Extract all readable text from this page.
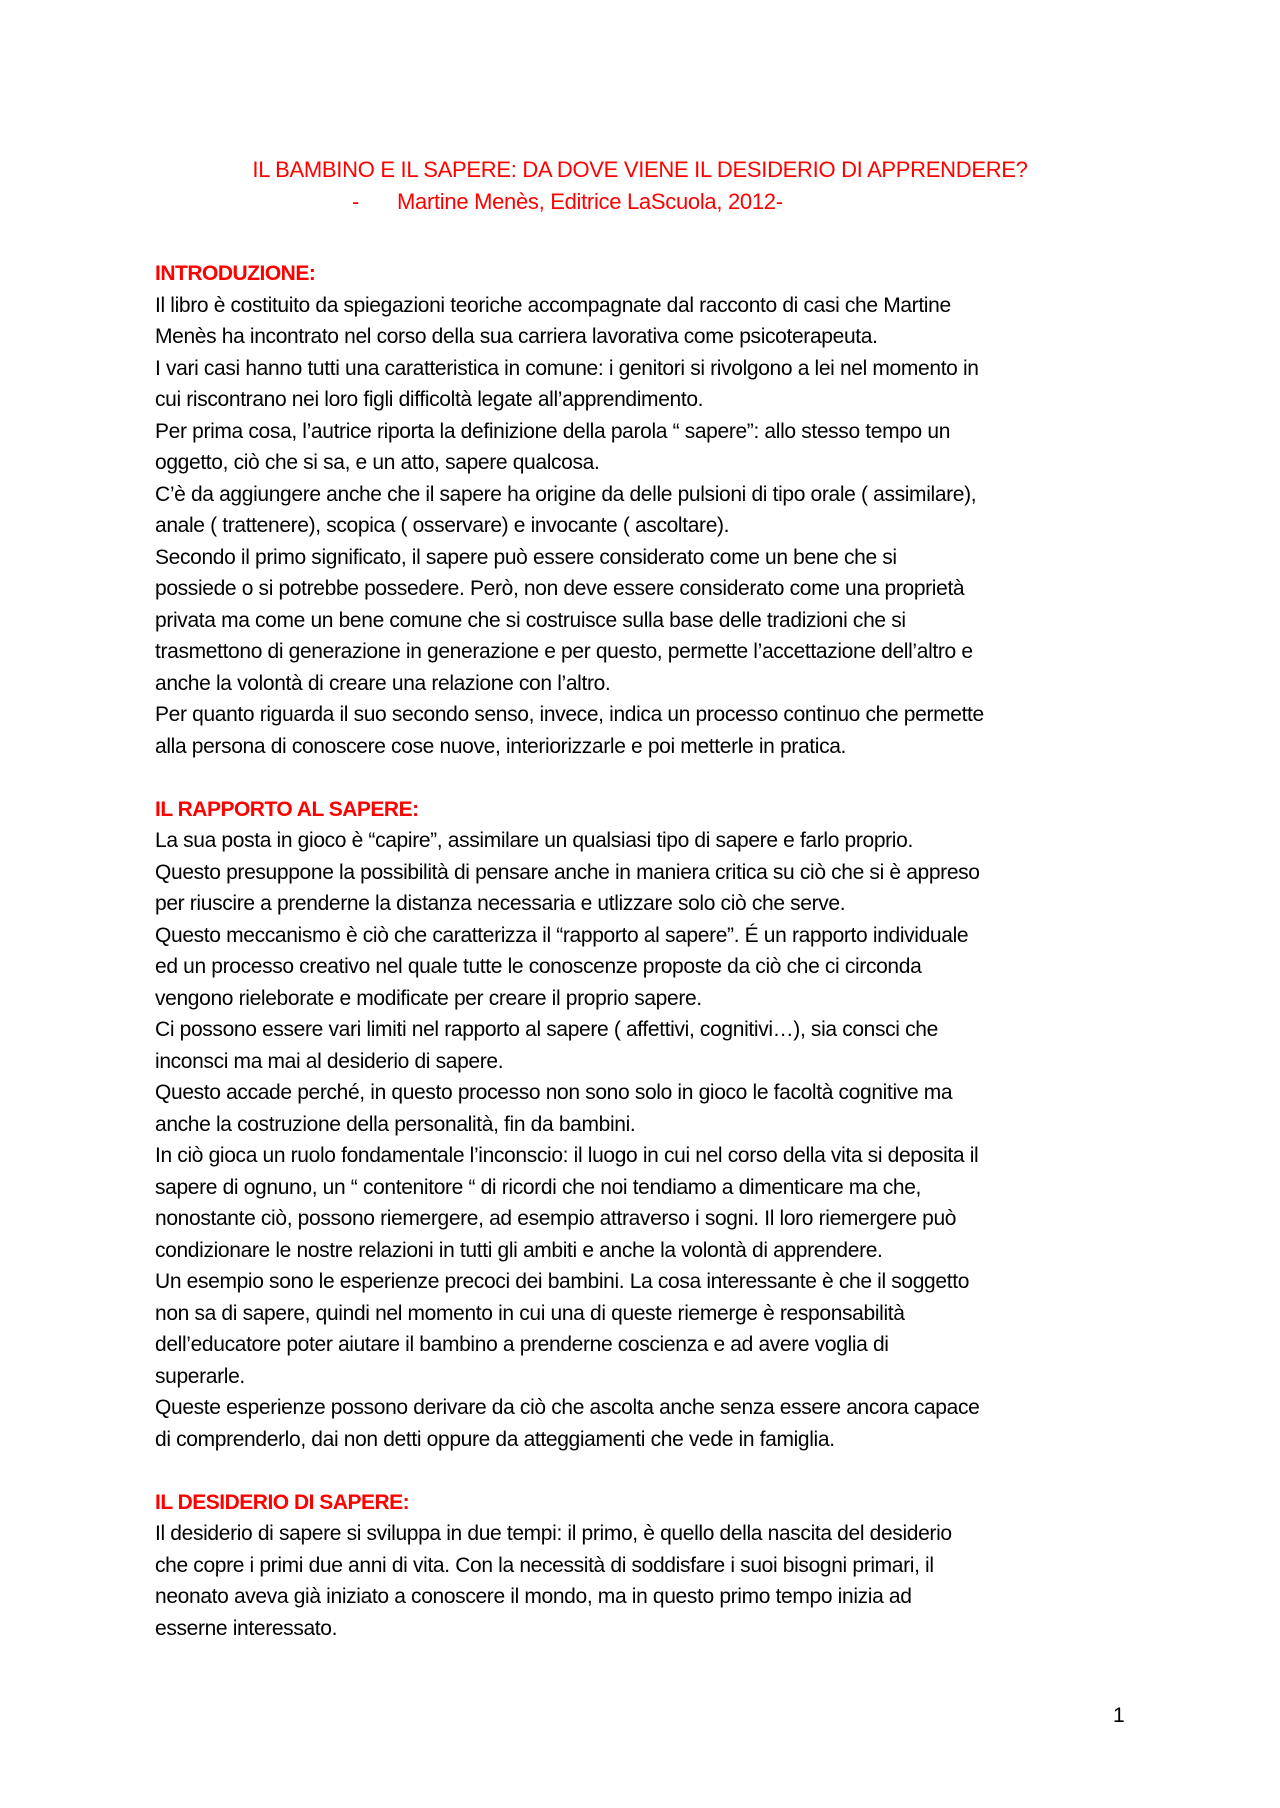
IL BAMBINO E IL SAPERE: DA DOVE VIENE IL DESIDERIO DI APPRENDERE?
- Martine Menès, Editrice LaScuola, 2012-
INTRODUZIONE:
Il libro è costituito da spiegazioni teoriche accompagnate dal racconto di casi che Martine
Menès ha incontrato nel corso della sua carriera lavorativa come psicoterapeuta.
I vari casi hanno tutti una caratteristica in comune: i genitori si rivolgono a lei nel momento in
cui riscontrano nei loro figli difficoltà legate all’apprendimento.
Per prima cosa, l’autrice riporta la definizione della parola “ sapere”: allo stesso tempo un
oggetto, ciò che si sa, e un atto, sapere qualcosa.
C’è da aggiungere anche che il sapere ha origine da delle pulsioni di tipo orale ( assimilare),
anale ( trattenere), scopica ( osservare) e invocante ( ascoltare).
Secondo il primo significato, il sapere può essere considerato come un bene che si
possiede o si potrebbe possedere. Però, non deve essere considerato come una proprietà
privata ma come un bene comune che si costruisce sulla base delle tradizioni che si
trasmettono di generazione in generazione e per questo, permette l’accettazione dell’altro e
anche la volontà di creare una relazione con l’altro.
Per quanto riguarda il suo secondo senso, invece, indica un processo continuo che permette
alla persona di conoscere cose nuove, interiorizzarle e poi metterle in pratica.
IL RAPPORTO AL SAPERE:
La sua posta in gioco è “capire”, assimilare un qualsiasi tipo di sapere e farlo proprio.
Questo presuppone la possibilità di pensare anche in maniera critica su ciò che si è appreso
per riuscire a prenderne la distanza necessaria e utlizzare solo ciò che serve.
Questo meccanismo è ciò che caratterizza il “rapporto al sapere”. É un rapporto individuale
ed un processo creativo nel quale tutte le conoscenze proposte da ciò che ci circonda
vengono rieleborate e modificate per creare il proprio sapere.
Ci possono essere vari limiti nel rapporto al sapere ( affettivi, cognitivi…), sia consci che
inconsci ma mai al desiderio di sapere.
Questo accade perché, in questo processo non sono solo in gioco le facoltà cognitive ma
anche la costruzione della personalità, fin da bambini.
In ciò gioca un ruolo fondamentale l’inconscio: il luogo in cui nel corso della vita si deposita il
sapere di ognuno, un “ contenitore “ di ricordi che noi tendiamo a dimenticare ma che,
nonostante ciò, possono riemergere, ad esempio attraverso i sogni. Il loro riemergere può
condizionare le nostre relazioni in tutti gli ambiti e anche la volontà di apprendere.
Un esempio sono le esperienze precoci dei bambini. La cosa interessante è che il soggetto
non sa di sapere, quindi nel momento in cui una di queste riemerge è responsabilità
dell’educatore poter aiutare il bambino a prenderne coscienza e ad avere voglia di
superarle.
Queste esperienze possono derivare da ciò che ascolta anche senza essere ancora capace
di comprenderlo, dai non detti oppure da atteggiamenti che vede in famiglia.
IL DESIDERIO DI SAPERE:
Il desiderio di sapere si sviluppa in due tempi: il primo, è quello della nascita del desiderio
che copre i primi due anni di vita. Con la necessità di soddisfare i suoi bisogni primari, il
neonato aveva già iniziato a conoscere il mondo, ma in questo primo tempo inizia ad
esserne interessato.
1
